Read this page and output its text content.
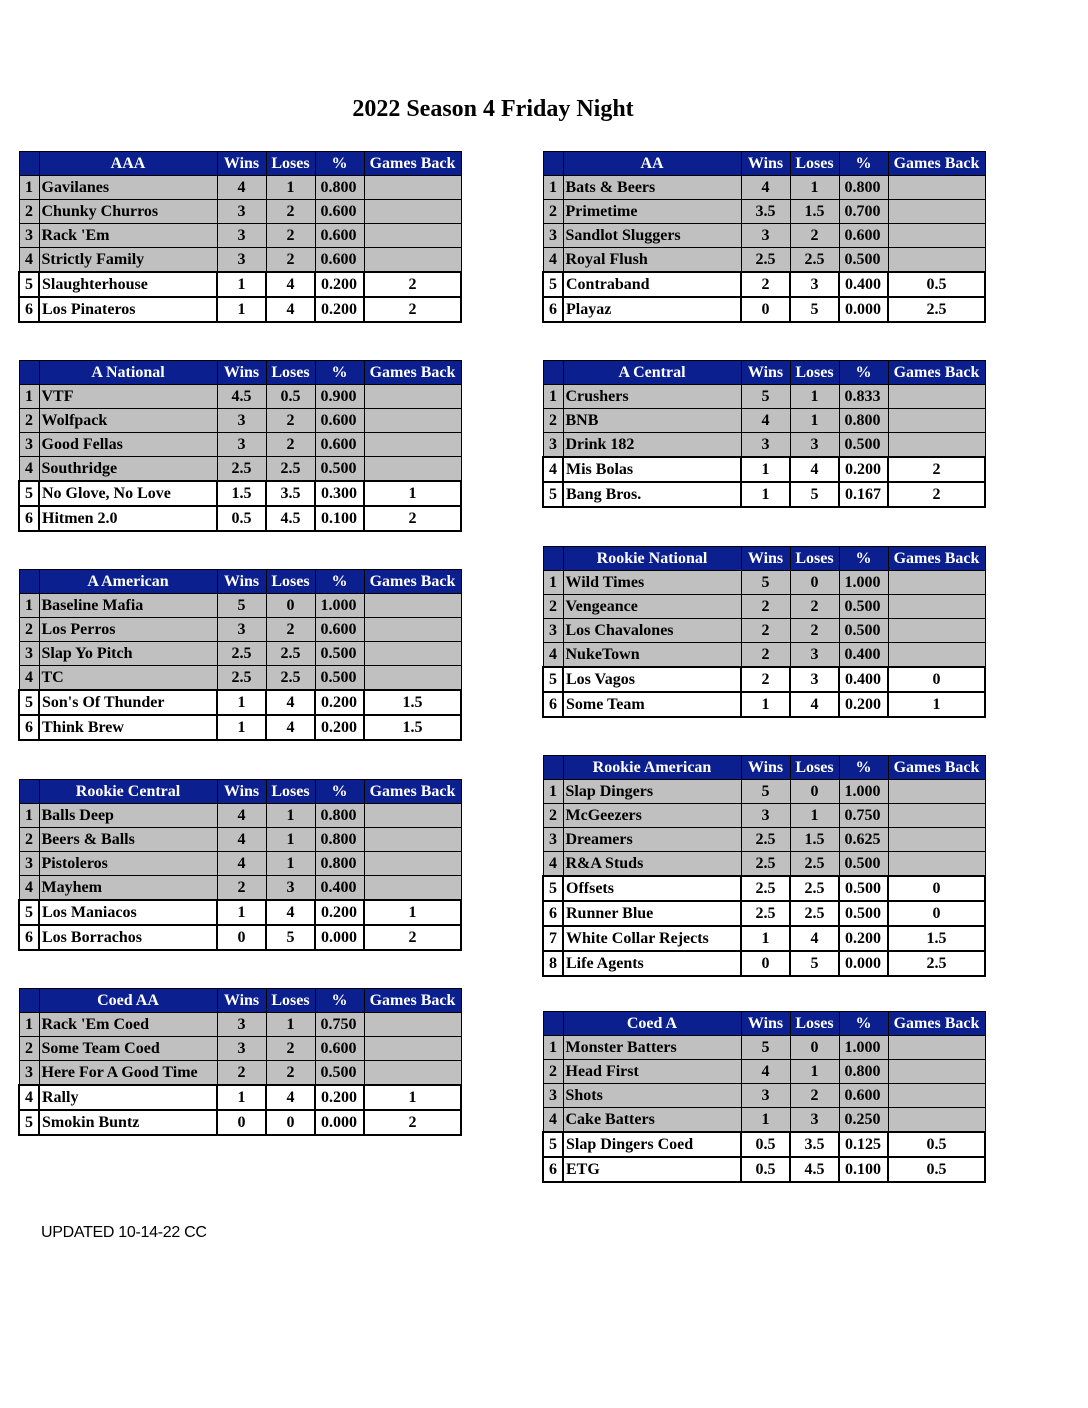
2022 Season 4 Friday Night
	AAA	Wins	Loses	%	Games Back
1	Gavilanes	4	1	0.800	
2	Chunky Churros	3	2	0.600	
3	Rack 'Em	3	2	0.600	
4	Strictly Family	3	2	0.600	
5	Slaughterhouse	1	4	0.200	2
6	Los Pinateros	1	4	0.200	2
	AA	Wins	Loses	%	Games Back
1	Bats & Beers	4	1	0.800	
2	Primetime	3.5	1.5	0.700	
3	Sandlot Sluggers	3	2	0.600	
4	Royal Flush	2.5	2.5	0.500	
5	Contraband	2	3	0.400	0.5
6	Playaz	0	5	0.000	2.5
	A National	Wins	Loses	%	Games Back
1	VTF	4.5	0.5	0.900	
2	Wolfpack	3	2	0.600	
3	Good Fellas	3	2	0.600	
4	Southridge	2.5	2.5	0.500	
5	No Glove, No Love	1.5	3.5	0.300	1
6	Hitmen 2.0	0.5	4.5	0.100	2
	A Central	Wins	Loses	%	Games Back
1	Crushers	5	1	0.833	
2	BNB	4	1	0.800	
3	Drink 182	3	3	0.500	
4	Mis Bolas	1	4	0.200	2
5	Bang Bros.	1	5	0.167	2
	Rookie National	Wins	Loses	%	Games Back
1	Wild Times	5	0	1.000	
2	Vengeance	2	2	0.500	
3	Los Chavalones	2	2	0.500	
4	NukeTown	2	3	0.400	
5	Los Vagos	2	3	0.400	0
6	Some Team	1	4	0.200	1
	A American	Wins	Loses	%	Games Back
1	Baseline Mafia	5	0	1.000	
2	Los Perros	3	2	0.600	
3	Slap Yo Pitch	2.5	2.5	0.500	
4	TC	2.5	2.5	0.500	
5	Son's Of Thunder	1	4	0.200	1.5
6	Think Brew	1	4	0.200	1.5
	Rookie American	Wins	Loses	%	Games Back
1	Slap Dingers	5	0	1.000	
2	McGeezers	3	1	0.750	
3	Dreamers	2.5	1.5	0.625	
4	R&A Studs	2.5	2.5	0.500	
5	Offsets	2.5	2.5	0.500	0
6	Runner Blue	2.5	2.5	0.500	0
7	White Collar Rejects	1	4	0.200	1.5
8	Life Agents	0	5	0.000	2.5
	Rookie Central	Wins	Loses	%	Games Back
1	Balls Deep	4	1	0.800	
2	Beers & Balls	4	1	0.800	
3	Pistoleros	4	1	0.800	
4	Mayhem	2	3	0.400	
5	Los Maniacos	1	4	0.200	1
6	Los Borrachos	0	5	0.000	2
	Coed AA	Wins	Loses	%	Games Back
1	Rack 'Em Coed	3	1	0.750	
2	Some Team Coed	3	2	0.600	
3	Here For A Good Time	2	2	0.500	
4	Rally	1	4	0.200	1
5	Smokin Buntz	0	0	0.000	2
	Coed A	Wins	Loses	%	Games Back
1	Monster Batters	5	0	1.000	
2	Head First	4	1	0.800	
3	Shots	3	2	0.600	
4	Cake Batters	1	3	0.250	
5	Slap Dingers Coed	0.5	3.5	0.125	0.5
6	ETG	0.5	4.5	0.100	0.5
UPDATED 10-14-22 CC
